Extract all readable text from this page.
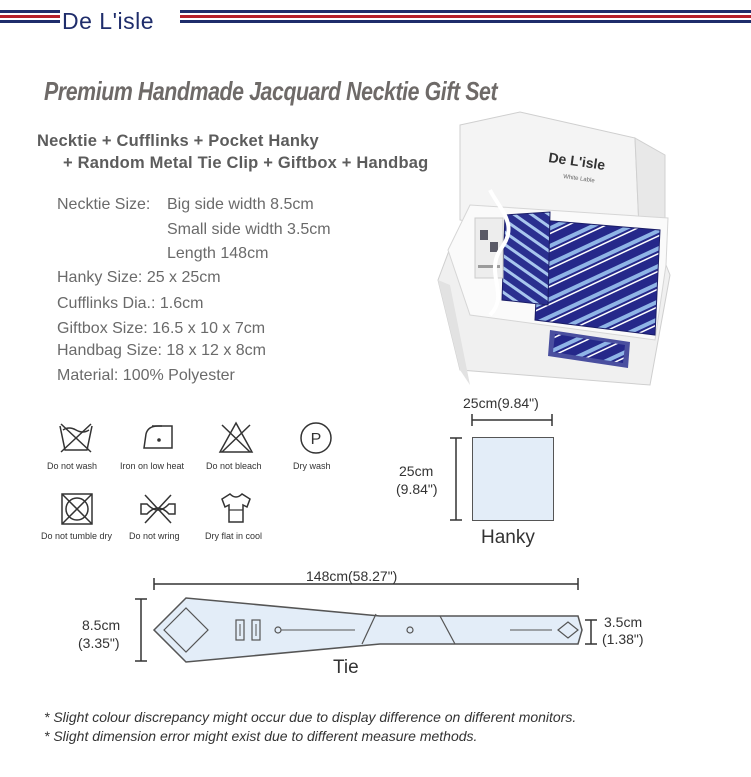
De L'isle
Premium Handmade Jacquard Necktie Gift Set
Necktie + Cufflinks + Pocket Hanky
+ Random Metal Tie Clip + Giftbox + Handbag
Necktie Size: Big side width 8.5cm
Small side width 3.5cm
Length 148cm
Hanky Size: 25 x 25cm
Cufflinks Dia.: 1.6cm
Giftbox Size: 16.5 x 10 x 7cm
Handbag Size: 18 x 12 x 8cm
Material: 100% Polyester
De L'isle
White Lable
Do not wash	Iron on low heat Do not bleach
P
Dry wash
Do not tumble dry Do not wring	Dry flat in cool
25cm(9.84")
25cm
(9.84")
Hanky
148cm(58.27")
8.5cm
(3.35")
3.5cm
(1.38")
Tie
* Slight colour discrepancy might occur due to display difference on different monitors.
* Slight dimension error might exist due to different measure methods.
